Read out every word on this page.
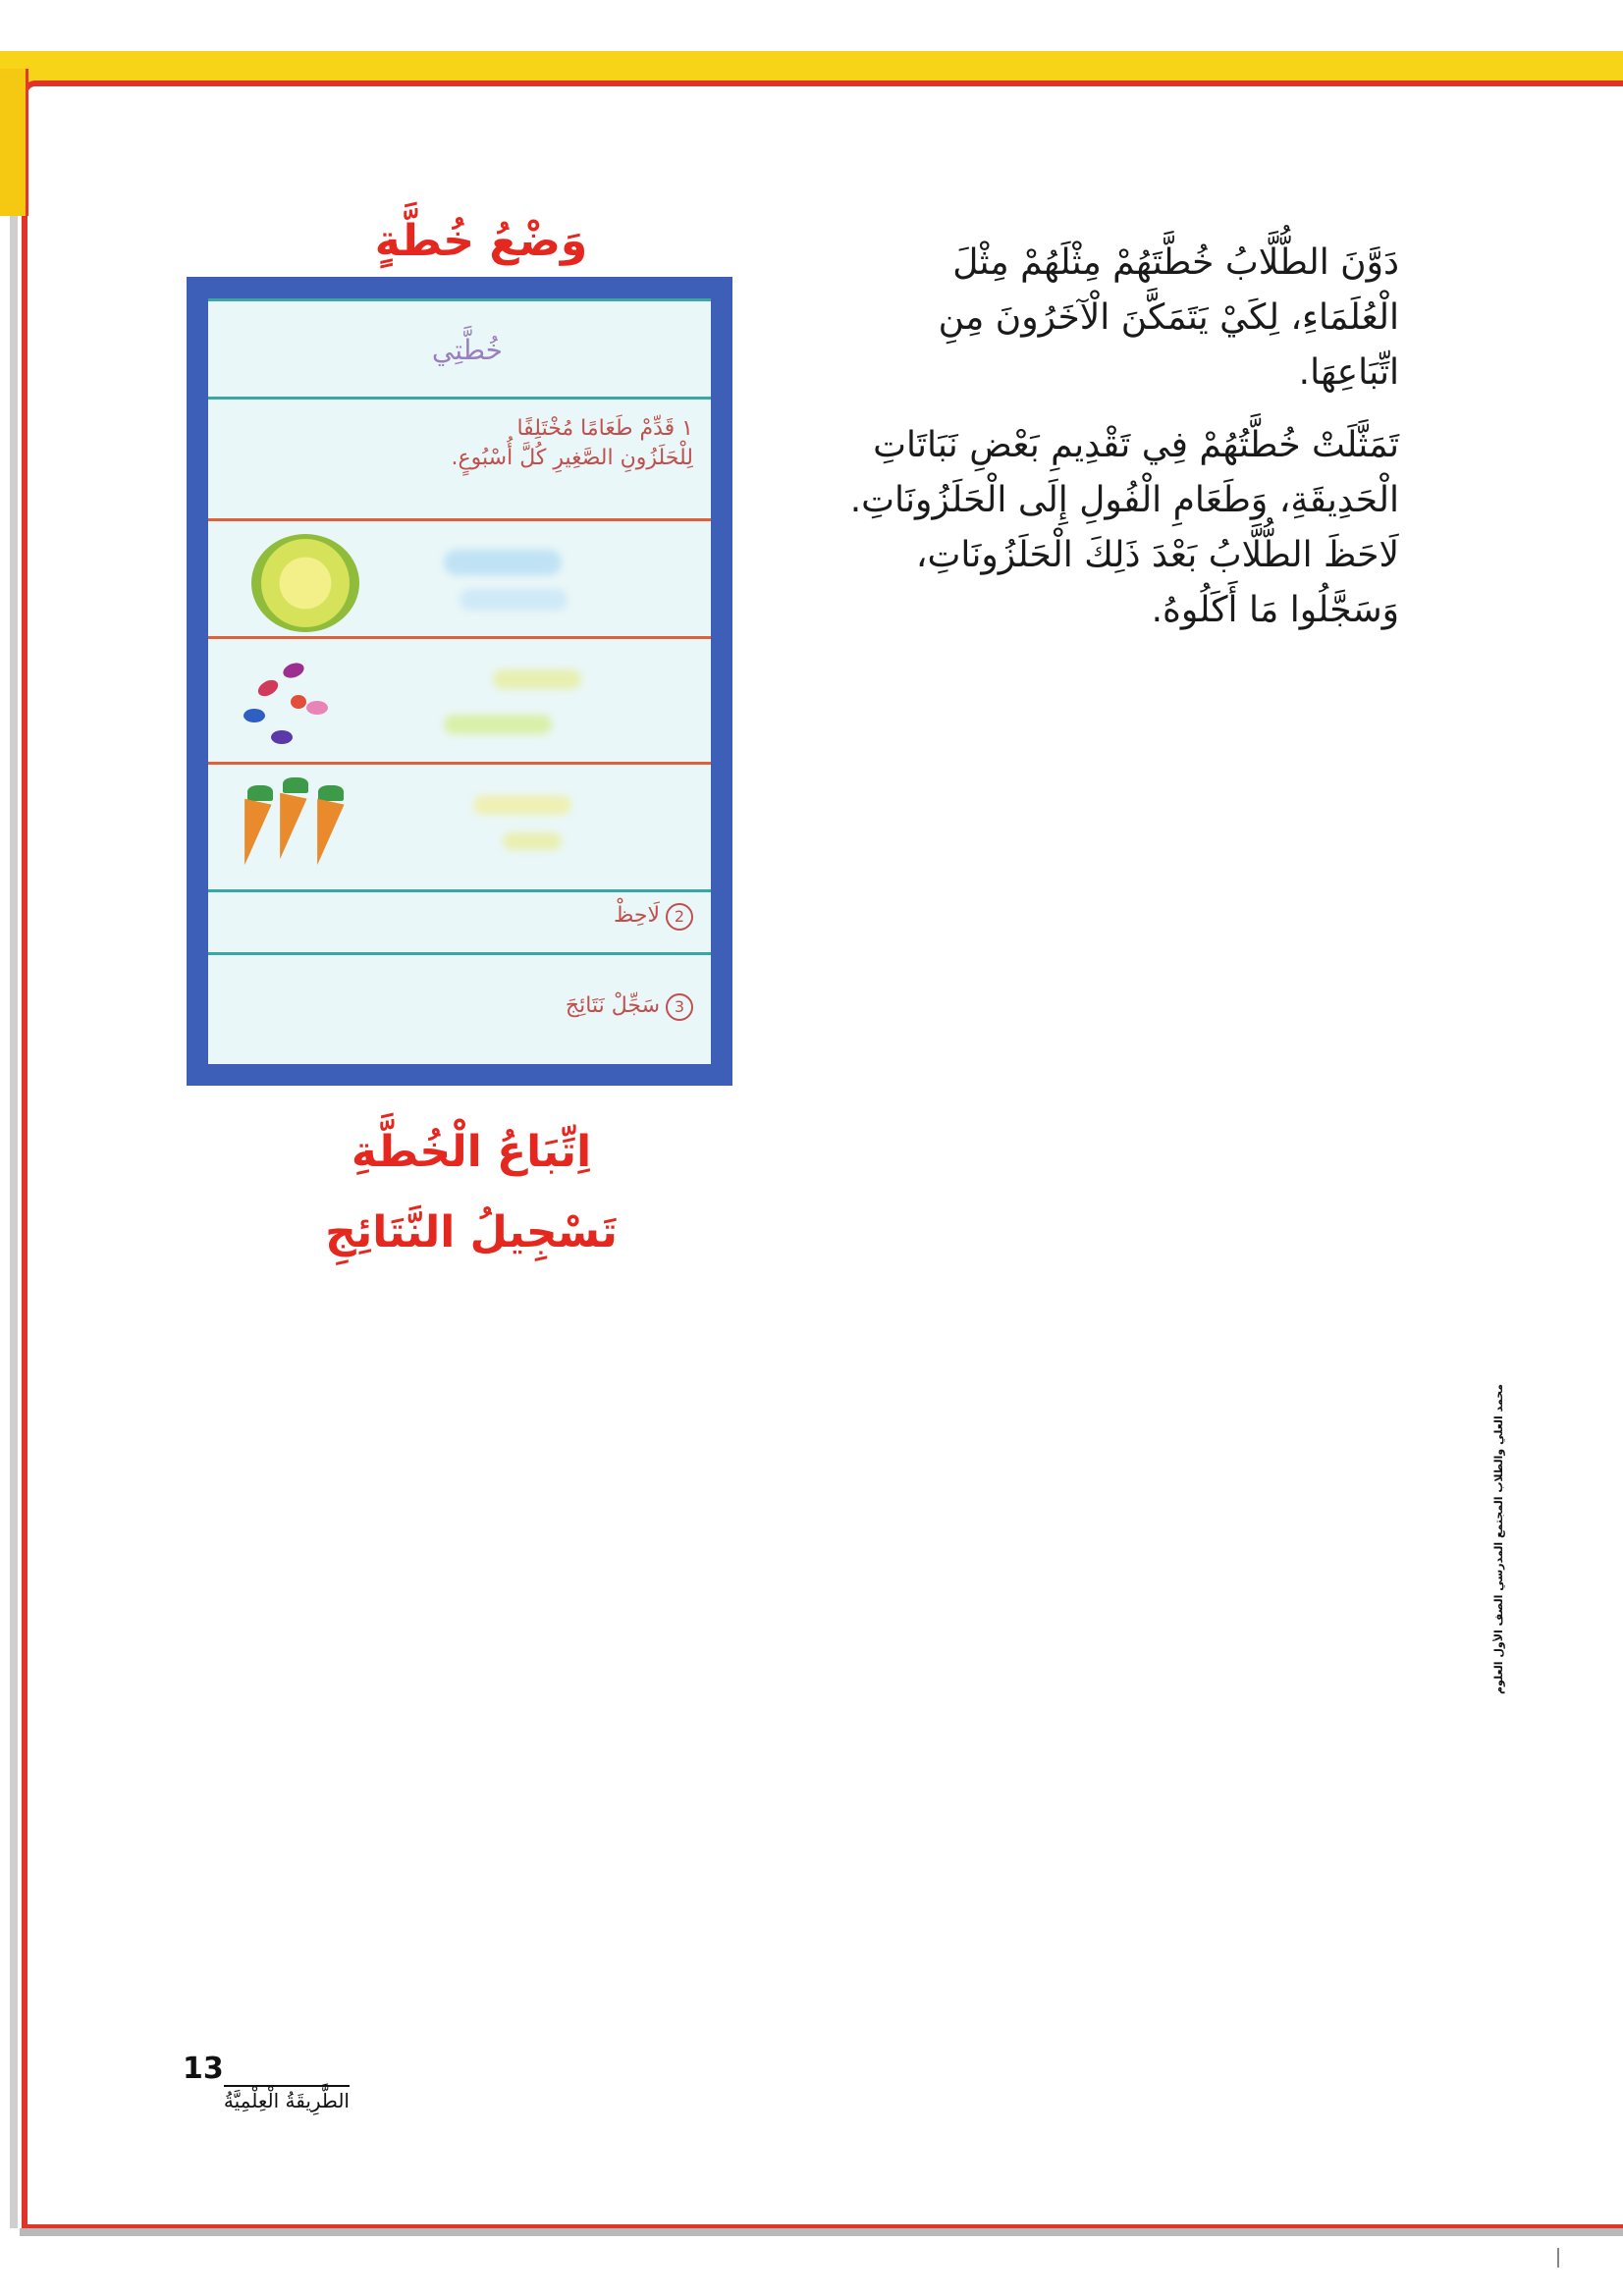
دَوَّنَ الطُّلَّابُ خُطَّتَهُمْ مِثْلَهُمْ مِثْلَ الْعُلَمَاءِ، لِكَيْ يَتَمَكَّنَ الْآخَرُونَ مِنِ اتِّبَاعِهَا.

تَمَثَّلَتْ خُطَّتُهُمْ فِي تَقْدِيمِ بَعْضِ نَبَاتَاتِ الْحَدِيقَةِ، وَطَعَامِ الْفُولِ إِلَى الْحَلَزُونَاتِ. لَاحَظَ الطُّلَّابُ بَعْدَ ذَلِكَ الْحَلَزُونَاتِ، وَسَجَّلُوا مَا أَكَلُوهُ.

وَضْعُ خُطَّةٍ
خُطَّتِي
١ قَدِّمْ طَعَامًا مُخْتَلِفًا
لِلْحَلَزُونِ الصَّغِيرِ كُلَّ أُسْبُوعٍ.
2لَاحِظْ
3سَجِّلْ نَتَائِجَ
اِتِّبَاعُ الْخُطَّةِ
تَسْجِيلُ النَّتَائِجِ
محمد العلي والطلاب المجتمع المدرسي الصف الأول العلوم
13
الطَّرِيقَةُ الْعِلْمِيَّةُ
